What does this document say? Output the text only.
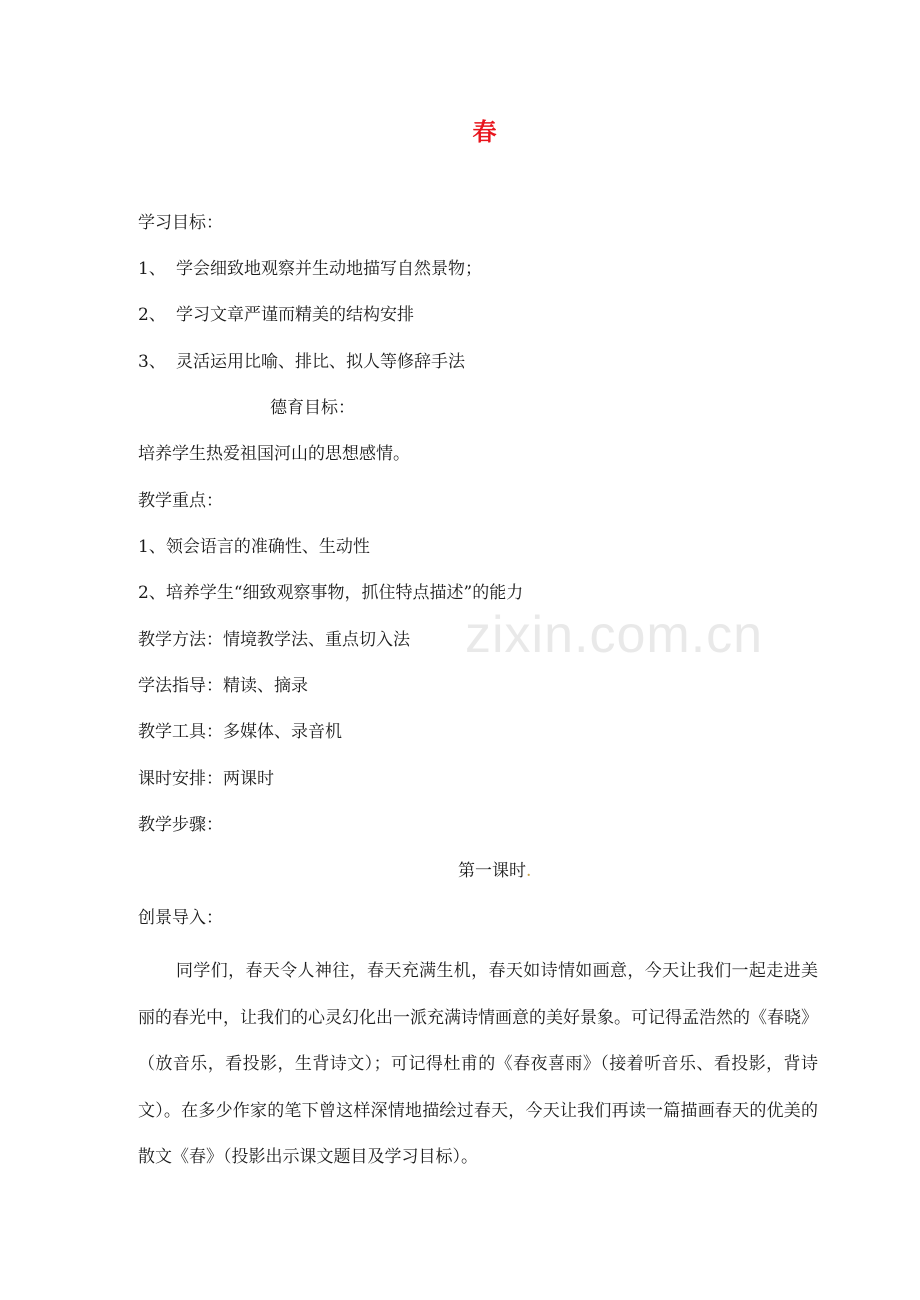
zixin.com.cn
春
学习目标：
1、 学会细致地观察并生动地描写自然景物；
2、 学习文章严谨而精美的结构安排
3、 灵活运用比喻、排比、拟人等修辞手法
德育目标：
培养学生热爱祖国河山的思想感情。
教学重点：
1、领会语言的准确性、生动性
2、培养学生“细致观察事物，抓住特点描述”的能力
教学方法：情境教学法、重点切入法
学法指导：精读、摘录
教学工具：多媒体、录音机
课时安排：两课时
教学步骤：
第一课时.
创景导入：
同学们，春天令人神往，春天充满生机，春天如诗情如画意，今天让我们一起走进美丽的春光中，让我们的心灵幻化出一派充满诗情画意的美好景象。可记得孟浩然的《春晓》（放音乐，看投影，生背诗文）；可记得杜甫的《春夜喜雨》（接着听音乐、看投影，背诗文）。在多少作家的笔下曾这样深情地描绘过春天，今天让我们再读一篇描画春天的优美的散文《春》（投影出示课文题目及学习目标）。
